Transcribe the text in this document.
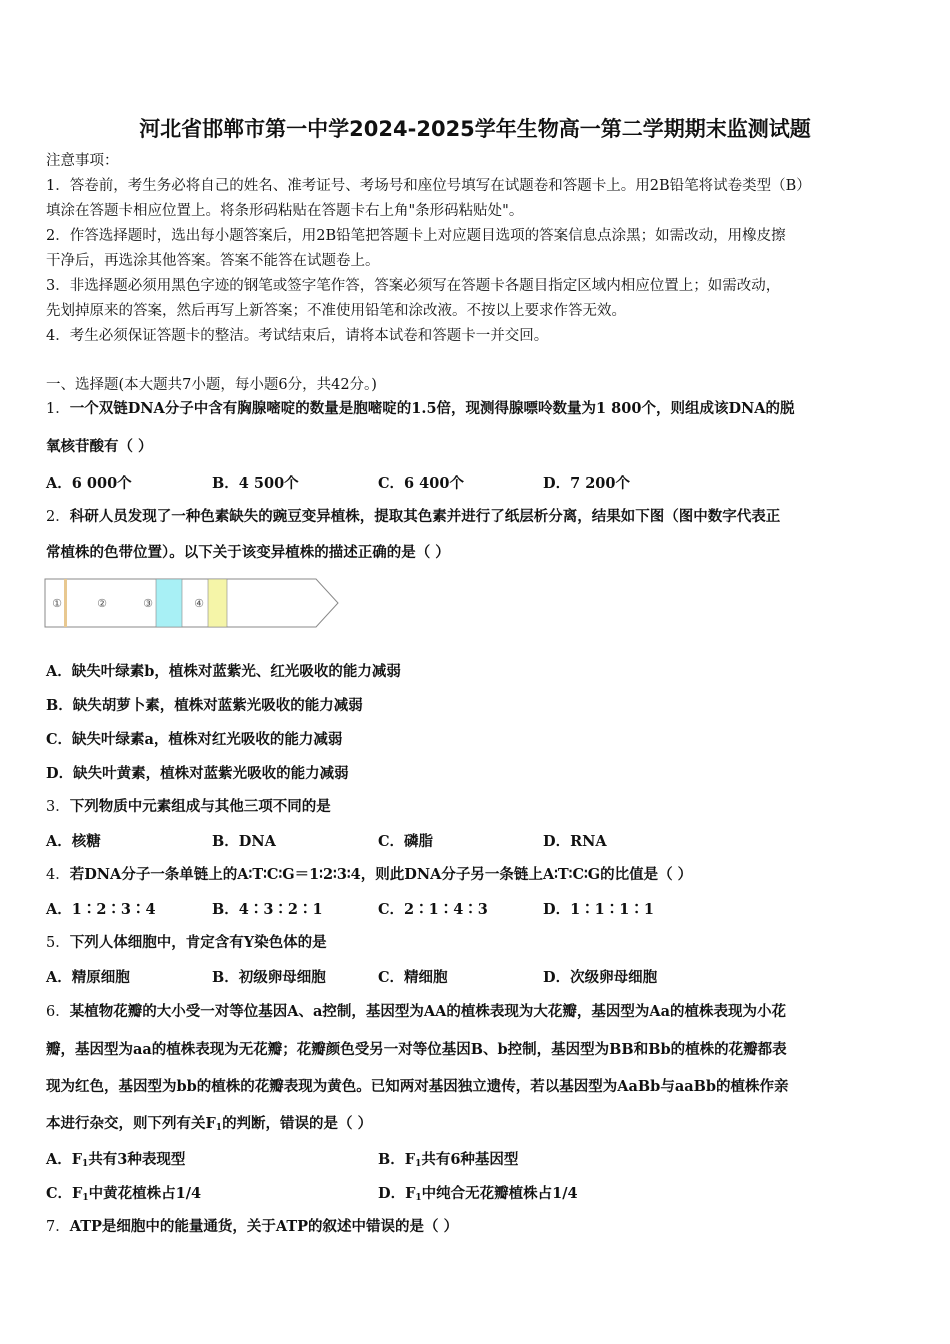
河北省邯郸市第一中学2024-2025学年生物高一第二学期期末监测试题
注意事项：
1．答卷前，考生务必将自己的姓名、准考证号、考场号和座位号填写在试题卷和答题卡上。用2B铅笔将试卷类型（B）
填涂在答题卡相应位置上。将条形码粘贴在答题卡右上角"条形码粘贴处"。
2．作答选择题时，选出每小题答案后，用2B铅笔把答题卡上对应题目选项的答案信息点涂黑；如需改动，用橡皮擦
干净后，再选涂其他答案。答案不能答在试题卷上。
3．非选择题必须用黑色字迹的钢笔或签字笔作答，答案必须写在答题卡各题目指定区域内相应位置上；如需改动，
先划掉原来的答案，然后再写上新答案；不准使用铅笔和涂改液。不按以上要求作答无效。
4．考生必须保证答题卡的整洁。考试结束后，请将本试卷和答题卡一并交回。
一、选择题(本大题共7小题，每小题6分，共42分。)
1．一个双链DNA分子中含有胸腺嘧啶的数量是胞嘧啶的1.5倍，现测得腺嘌呤数量为1 800个，则组成该DNA的脱
氧核苷酸有（ ）
A．6 000个	B．4 500个	C．6 400个	D．7 200个
2．科研人员发现了一种色素缺失的豌豆变异植株，提取其色素并进行了纸层析分离，结果如下图（图中数字代表正
常植株的色带位置）。以下关于该变异植株的描述正确的是（ ）
①	②	③	④
A．缺失叶绿素b，植株对蓝紫光、红光吸收的能力减弱
B．缺失胡萝卜素，植株对蓝紫光吸收的能力减弱
C．缺失叶绿素a，植株对红光吸收的能力减弱
D．缺失叶黄素，植株对蓝紫光吸收的能力减弱
3．下列物质中元素组成与其他三项不同的是
A．核糖	B．DNA	C．磷脂	D．RNA
4．若DNA分子一条单链上的A∶T∶C∶G＝1∶2∶3∶4，则此DNA分子另一条链上A∶T∶C∶G的比值是（ ）
A．1∶2∶3∶4	B．4∶3∶2∶1	C．2∶1∶4∶3	D．1∶1∶1∶1
5．下列人体细胞中，肯定含有Y染色体的是
A．精原细胞	B．初级卵母细胞	C．精细胞	D．次级卵母细胞
6．某植物花瓣的大小受一对等位基因A、a控制，基因型为AA的植株表现为大花瓣，基因型为Aa的植株表现为小花
瓣，基因型为aa的植株表现为无花瓣；花瓣颜色受另一对等位基因B、b控制，基因型为BB和Bb的植株的花瓣都表
现为红色，基因型为bb的植株的花瓣表现为黄色。已知两对基因独立遗传，若以基因型为AaBb与aaBb的植株作亲
本进行杂交，则下列有关$F_1$的判断，错误的是（ ）
A．$F_1$共有3种表现型	B．$F_1$共有6种基因型
C．$F_1$中黄花植株占1/4	D．$F_1$中纯合无花瓣植株占1/4
7．ATP是细胞中的能量通货，关于ATP的叙述中错误的是（ ）
